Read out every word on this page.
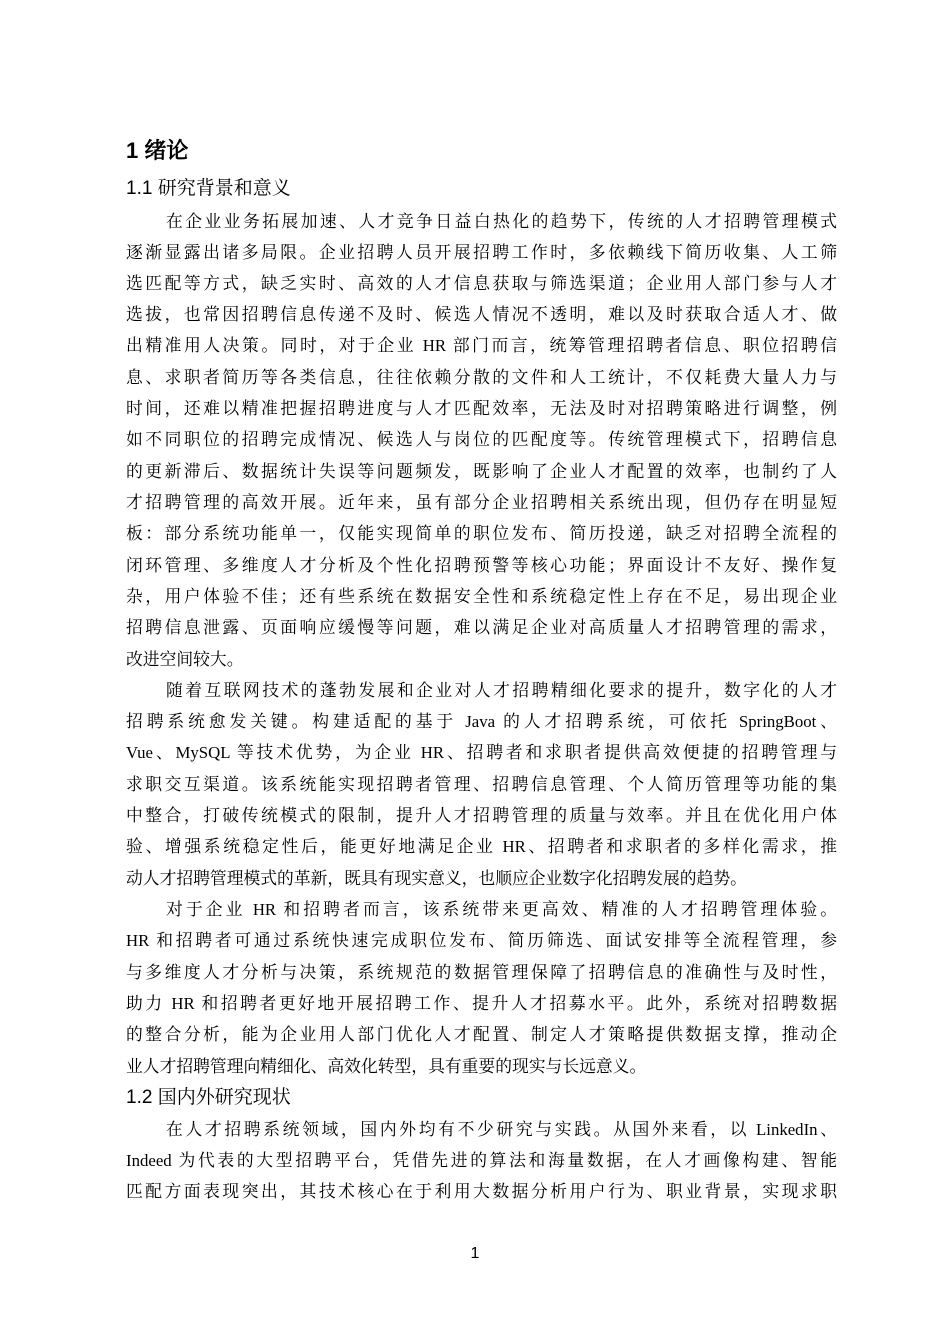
1 绪论
1.1 研究背景和意义
在企业业务拓展加速、人才竞争日益白热化的趋势下，传统的人才招聘管理模式
逐渐显露出诸多局限。企业招聘人员开展招聘工作时，多依赖线下简历收集、人工筛
选匹配等方式，缺乏实时、高效的人才信息获取与筛选渠道；企业用人部门参与人才
选拔，也常因招聘信息传递不及时、候选人情况不透明，难以及时获取合适人才、做
出精准用人决策。同时，对于企业 HR 部门而言，统筹管理招聘者信息、职位招聘信
息、求职者简历等各类信息，往往依赖分散的文件和人工统计，不仅耗费大量人力与
时间，还难以精准把握招聘进度与人才匹配效率，无法及时对招聘策略进行调整，例
如不同职位的招聘完成情况、候选人与岗位的匹配度等。传统管理模式下，招聘信息
的更新滞后、数据统计失误等问题频发，既影响了企业人才配置的效率，也制约了人
才招聘管理的高效开展。近年来，虽有部分企业招聘相关系统出现，但仍存在明显短
板：部分系统功能单一，仅能实现简单的职位发布、简历投递，缺乏对招聘全流程的
闭环管理、多维度人才分析及个性化招聘预警等核心功能；界面设计不友好、操作复
杂，用户体验不佳；还有些系统在数据安全性和系统稳定性上存在不足，易出现企业
招聘信息泄露、页面响应缓慢等问题，难以满足企业对高质量人才招聘管理的需求，
改进空间较大。
随着互联网技术的蓬勃发展和企业对人才招聘精细化要求的提升，数字化的人才
招聘系统愈发关键。构建适配的基于 Java 的人才招聘系统，可依托 SpringBoot、
Vue、MySQL 等技术优势，为企业 HR、招聘者和求职者提供高效便捷的招聘管理与
求职交互渠道。该系统能实现招聘者管理、招聘信息管理、个人简历管理等功能的集
中整合，打破传统模式的限制，提升人才招聘管理的质量与效率。并且在优化用户体
验、增强系统稳定性后，能更好地满足企业 HR、招聘者和求职者的多样化需求，推
动人才招聘管理模式的革新，既具有现实意义，也顺应企业数字化招聘发展的趋势。
对于企业 HR 和招聘者而言，该系统带来更高效、精准的人才招聘管理体验。
HR 和招聘者可通过系统快速完成职位发布、简历筛选、面试安排等全流程管理，参
与多维度人才分析与决策，系统规范的数据管理保障了招聘信息的准确性与及时性，
助力 HR 和招聘者更好地开展招聘工作、提升人才招募水平。此外，系统对招聘数据
的整合分析，能为企业用人部门优化人才配置、制定人才策略提供数据支撑，推动企
业人才招聘管理向精细化、高效化转型，具有重要的现实与长远意义。
1.2 国内外研究现状
在人才招聘系统领域，国内外均有不少研究与实践。从国外来看，以 LinkedIn、
Indeed 为代表的大型招聘平台，凭借先进的算法和海量数据，在人才画像构建、智能
匹配方面表现突出，其技术核心在于利用大数据分析用户行为、职业背景，实现求职
1
